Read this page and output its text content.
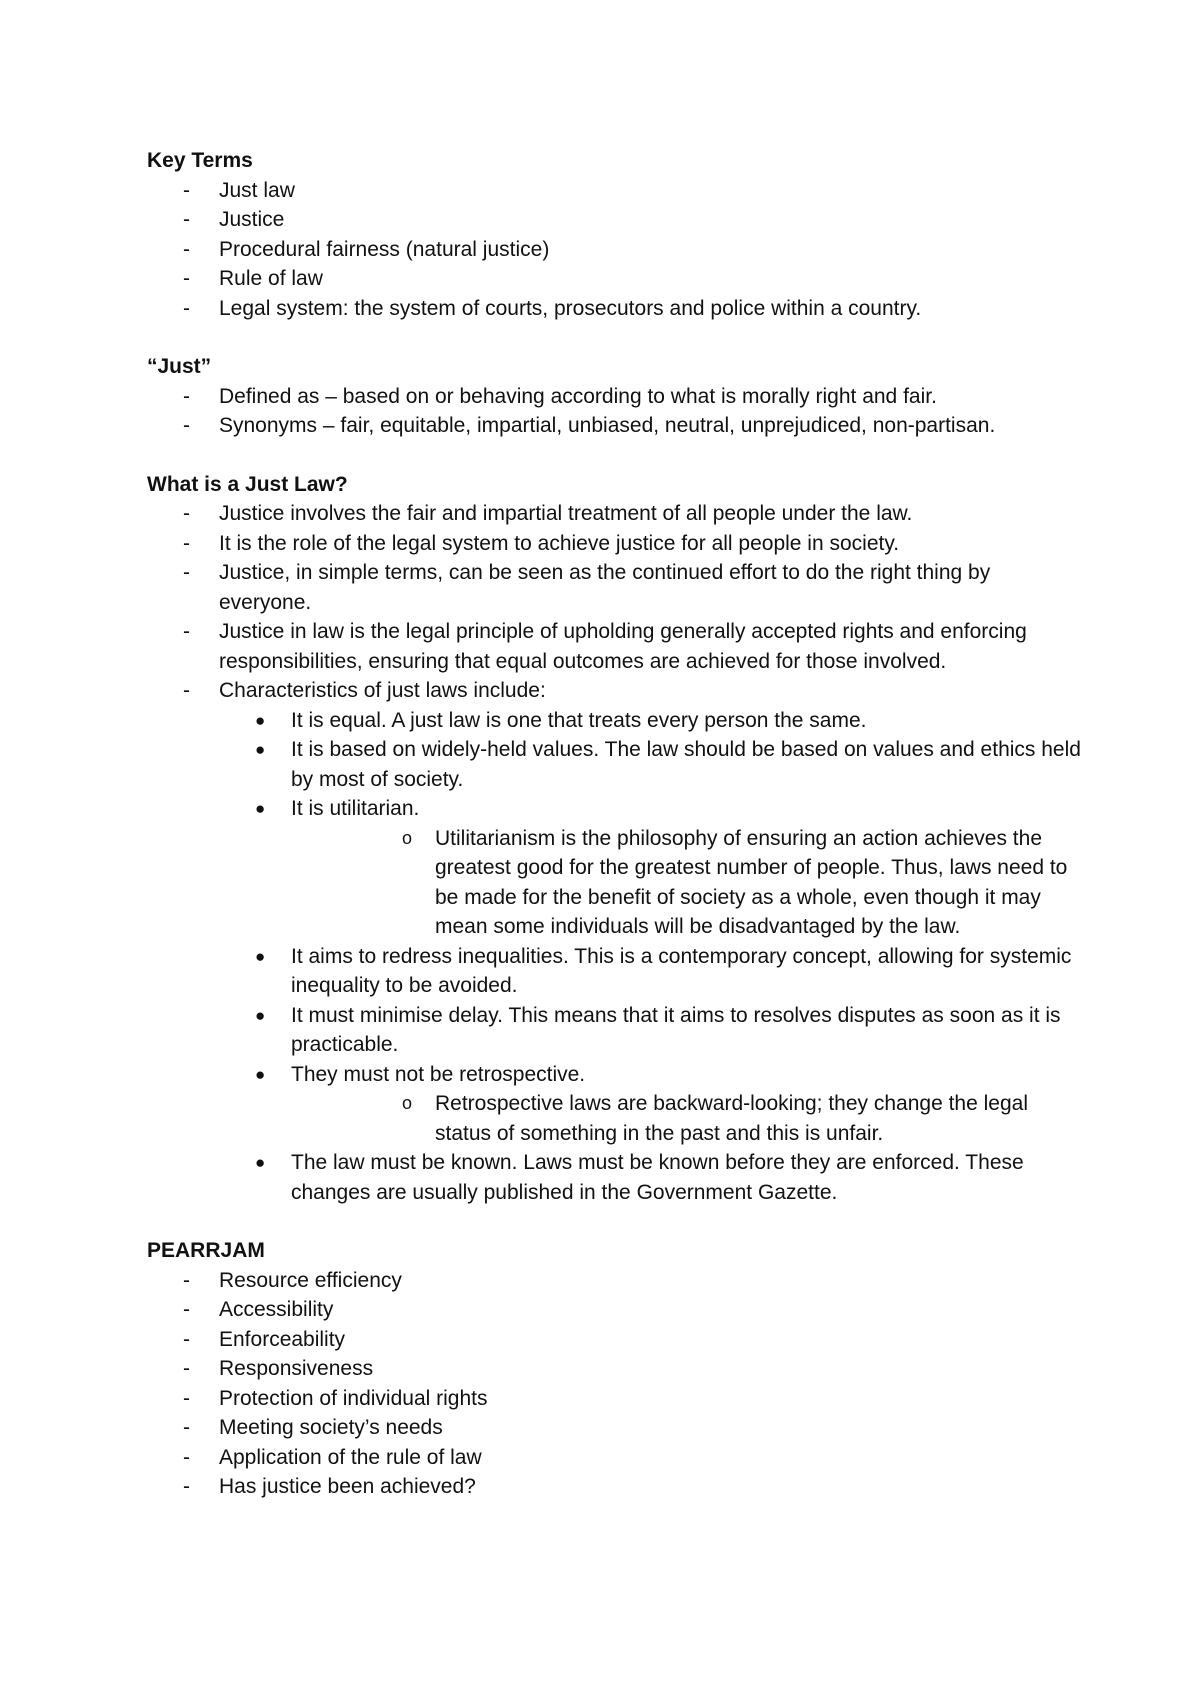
Key Terms

- Just law
- Justice
- Procedural fairness (natural justice)
- Rule of law
- Legal system: the system of courts, prosecutors and police within a country.

“Just”

- Defined as – based on or behaving according to what is morally right and fair.
- Synonyms – fair, equitable, impartial, unbiased, neutral, unprejudiced, non-partisan.

What is a Just Law?

- Justice involves the fair and impartial treatment of all people under the law.
- It is the role of the legal system to achieve justice for all people in society.
- Justice, in simple terms, can be seen as the continued effort to do the right thing by everyone.
- Justice in law is the legal principle of upholding generally accepted rights and enforcing responsibilities, ensuring that equal outcomes are achieved for those involved.
- Characteristics of just laws include:
● It is equal. A just law is one that treats every person the same.
● It is based on widely-held values. The law should be based on values and ethics held by most of society.
● It is utilitarian.
o Utilitarianism is the philosophy of ensuring an action achieves the greatest good for the greatest number of people. Thus, laws need to be made for the benefit of society as a whole, even though it may mean some individuals will be disadvantaged by the law.
● It aims to redress inequalities. This is a contemporary concept, allowing for systemic inequality to be avoided.
● It must minimise delay. This means that it aims to resolves disputes as soon as it is practicable.
● They must not be retrospective.
o Retrospective laws are backward-looking; they change the legal status of something in the past and this is unfair.
● The law must be known. Laws must be known before they are enforced. These changes are usually published in the Government Gazette.

PEARRJAM

- Resource efficiency
- Accessibility
- Enforceability
- Responsiveness
- Protection of individual rights
- Meeting society’s needs
- Application of the rule of law
- Has justice been achieved?
